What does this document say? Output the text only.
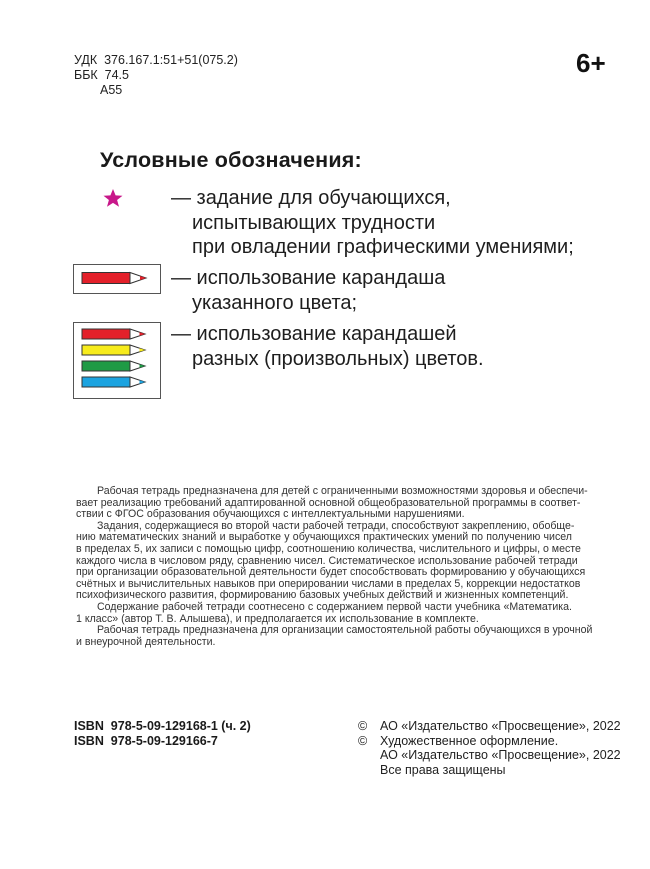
УДК 376.167.1:51+51(075.2)
ББК 74.5
А55
6+
Условные обозначения:
— задание для обучающихся,
испытывающих трудности
при овладении графическими умениями;
— использование карандаша
указанного цвета;
— использование карандашей
разных (произвольных) цветов.
Рабочая тетрадь предназначена для детей с ограниченными возможностями здоровья и обеспечи-
вает реализацию требований адаптированной основной общеобразовательной программы в соответ-
ствии с ФГОС образования обучающихся с интеллектуальными нарушениями.
Задания, содержащиеся во второй части рабочей тетради, способствуют закреплению, обобще-
нию математических знаний и выработке у обучающихся практических умений по получению чисел
в пределах 5, их записи с помощью цифр, соотношению количества, числительного и цифры, о месте
каждого числа в числовом ряду, сравнению чисел. Систематическое использование рабочей тетради
при организации образовательной деятельности будет способствовать формированию у обучающихся
счётных и вычислительных навыков при оперировании числами в пределах 5, коррекции недостатков
психофизического развития, формированию базовых учебных действий и жизненных компетенций.
Содержание рабочей тетради соотнесено с содержанием первой части учебника «Математика.
1 класс» (автор Т. В. Алышева), и предполагается их использование в комплекте.
Рабочая тетрадь предназначена для организации самостоятельной работы обучающихся в урочной
и внеурочной деятельности.
ISBN  978-5-09-129168-1 (ч. 2)
ISBN  978-5-09-129166-7
©	АО «Издательство «Просвещение», 2022
©	Художественное оформление.
АО «Издательство «Просвещение», 2022
Все права защищены
